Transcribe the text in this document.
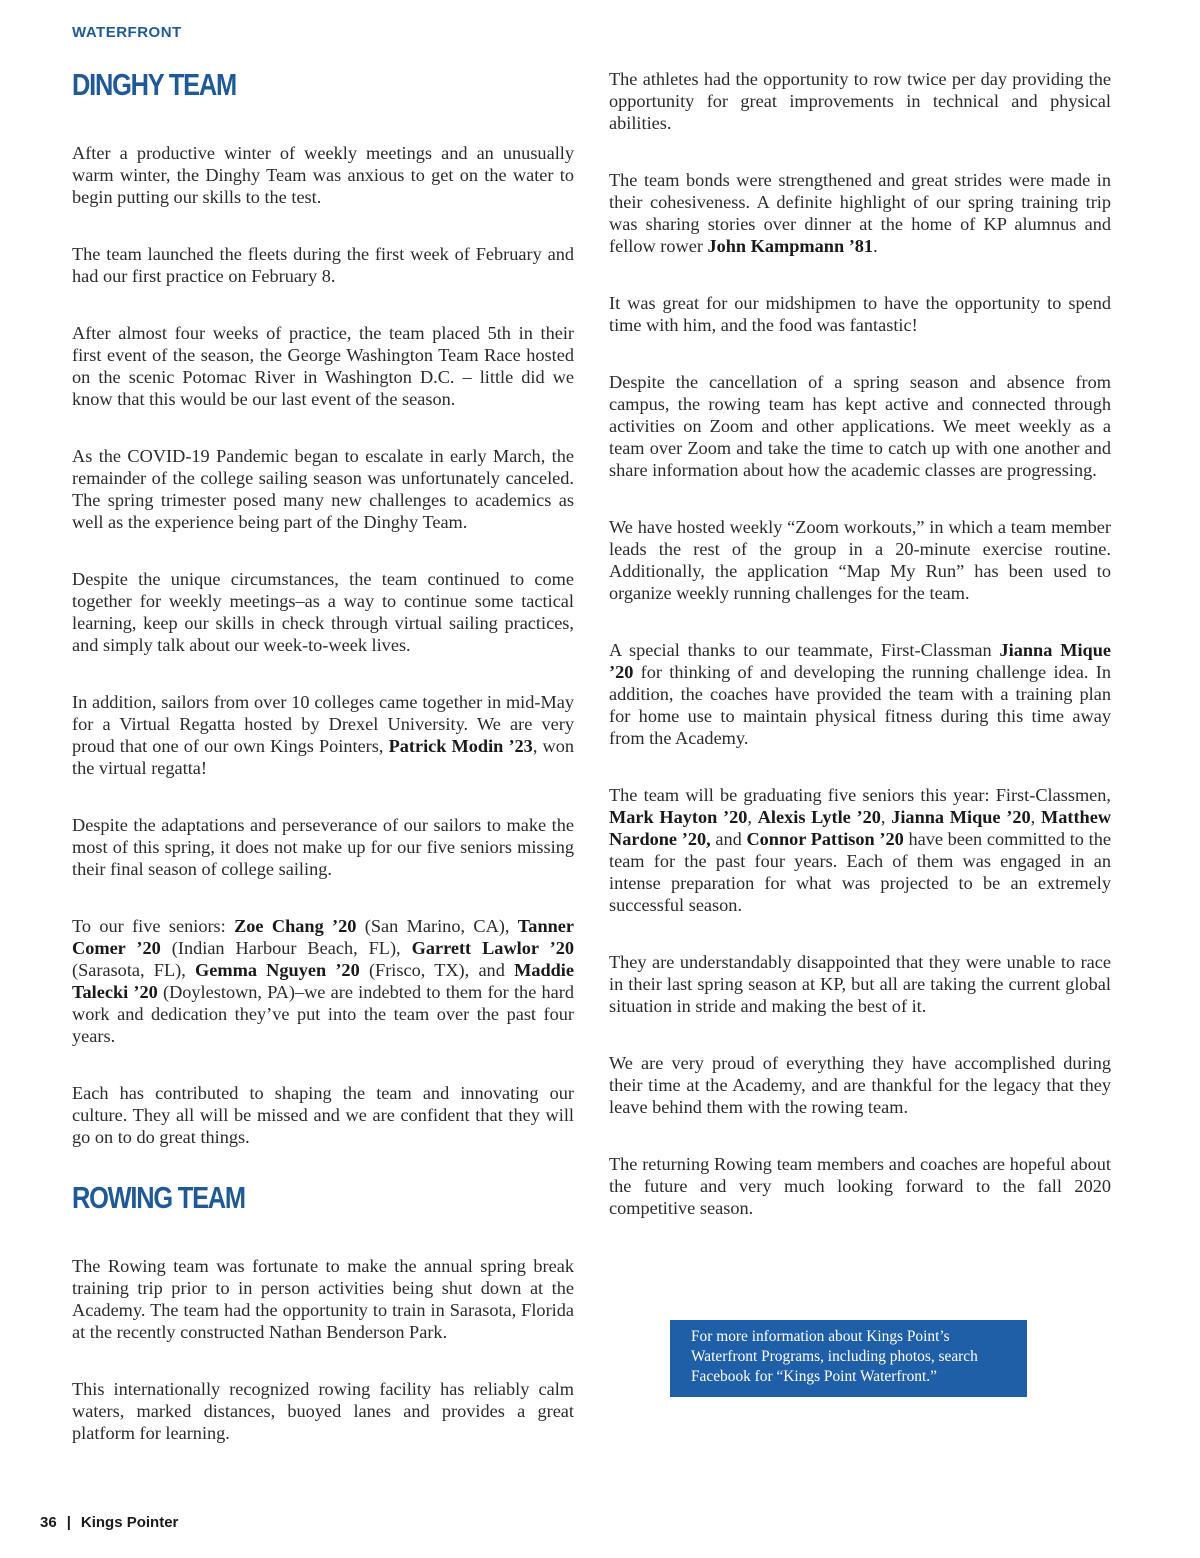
WATERFRONT
DINGHY TEAM

After a productive winter of weekly meetings and an unusually warm winter, the Dinghy Team was anxious to get on the water to begin putting our skills to the test.

The team launched the fleets during the first week of February and had our first practice on February 8.

After almost four weeks of practice, the team placed 5th in their first event of the season, the George Washington Team Race hosted on the scenic Potomac River in Washington D.C. – little did we know that this would be our last event of the season.

As the COVID-19 Pandemic began to escalate in early March, the remainder of the college sailing season was unfortunately canceled. The spring trimester posed many new challenges to academics as well as the experience being part of the Dinghy Team.

Despite the unique circumstances, the team continued to come together for weekly meetings–as a way to continue some tactical learning, keep our skills in check through virtual sailing practices, and simply talk about our week-to-week lives.

In addition, sailors from over 10 colleges came together in mid-May for a Virtual Regatta hosted by Drexel University. We are very proud that one of our own Kings Pointers, Patrick Modin ’23, won the virtual regatta!

Despite the adaptations and perseverance of our sailors to make the most of this spring, it does not make up for our five seniors missing their final season of college sailing.

To our five seniors: Zoe Chang ’20 (San Marino, CA), Tanner Comer ’20 (Indian Harbour Beach, FL), Garrett Lawlor ’20 (Sarasota, FL), Gemma Nguyen ’20 (Frisco, TX), and Maddie Talecki ’20 (Doylestown, PA)–we are indebted to them for the hard work and dedication they’ve put into the team over the past four years.

Each has contributed to shaping the team and innovating our culture. They all will be missed and we are confident that they will go on to do great things.

ROWING TEAM

The Rowing team was fortunate to make the annual spring break training trip prior to in person activities being shut down at the Academy. The team had the opportunity to train in Sarasota, Florida at the recently constructed Nathan Benderson Park.

This internationally recognized rowing facility has reliably calm waters, marked distances, buoyed lanes and provides a great platform for learning.

The athletes had the opportunity to row twice per day providing the opportunity for great improvements in technical and physical abilities.

The team bonds were strengthened and great strides were made in their cohesiveness. A definite highlight of our spring training trip was sharing stories over dinner at the home of KP alumnus and fellow rower John Kampmann ’81.

It was great for our midshipmen to have the opportunity to spend time with him, and the food was fantastic!

Despite the cancellation of a spring season and absence from campus, the rowing team has kept active and connected through activities on Zoom and other applications. We meet weekly as a team over Zoom and take the time to catch up with one another and share information about how the academic classes are progressing.

We have hosted weekly “Zoom workouts,” in which a team member leads the rest of the group in a 20-minute exercise routine. Additionally, the application “Map My Run” has been used to organize weekly running challenges for the team.

A special thanks to our teammate, First-Classman Jianna Mique ’20 for thinking of and developing the running challenge idea. In addition, the coaches have provided the team with a training plan for home use to maintain physical fitness during this time away from the Academy.

The team will be graduating five seniors this year: First-Classmen, Mark Hayton ’20, Alexis Lytle ’20, Jianna Mique ’20, Matthew Nardone ’20, and Connor Pattison ’20 have been committed to the team for the past four years. Each of them was engaged in an intense preparation for what was projected to be an extremely successful season.

They are understandably disappointed that they were unable to race in their last spring season at KP, but all are taking the current global situation in stride and making the best of it.

We are very proud of everything they have accomplished during their time at the Academy, and are thankful for the legacy that they leave behind them with the rowing team.

The returning Rowing team members and coaches are hopeful about the future and very much looking forward to the fall 2020 competitive season.

For more information about Kings Point’s Waterfront Programs, including photos, search Facebook for “Kings Point Waterfront.”
36 | Kings Pointer
